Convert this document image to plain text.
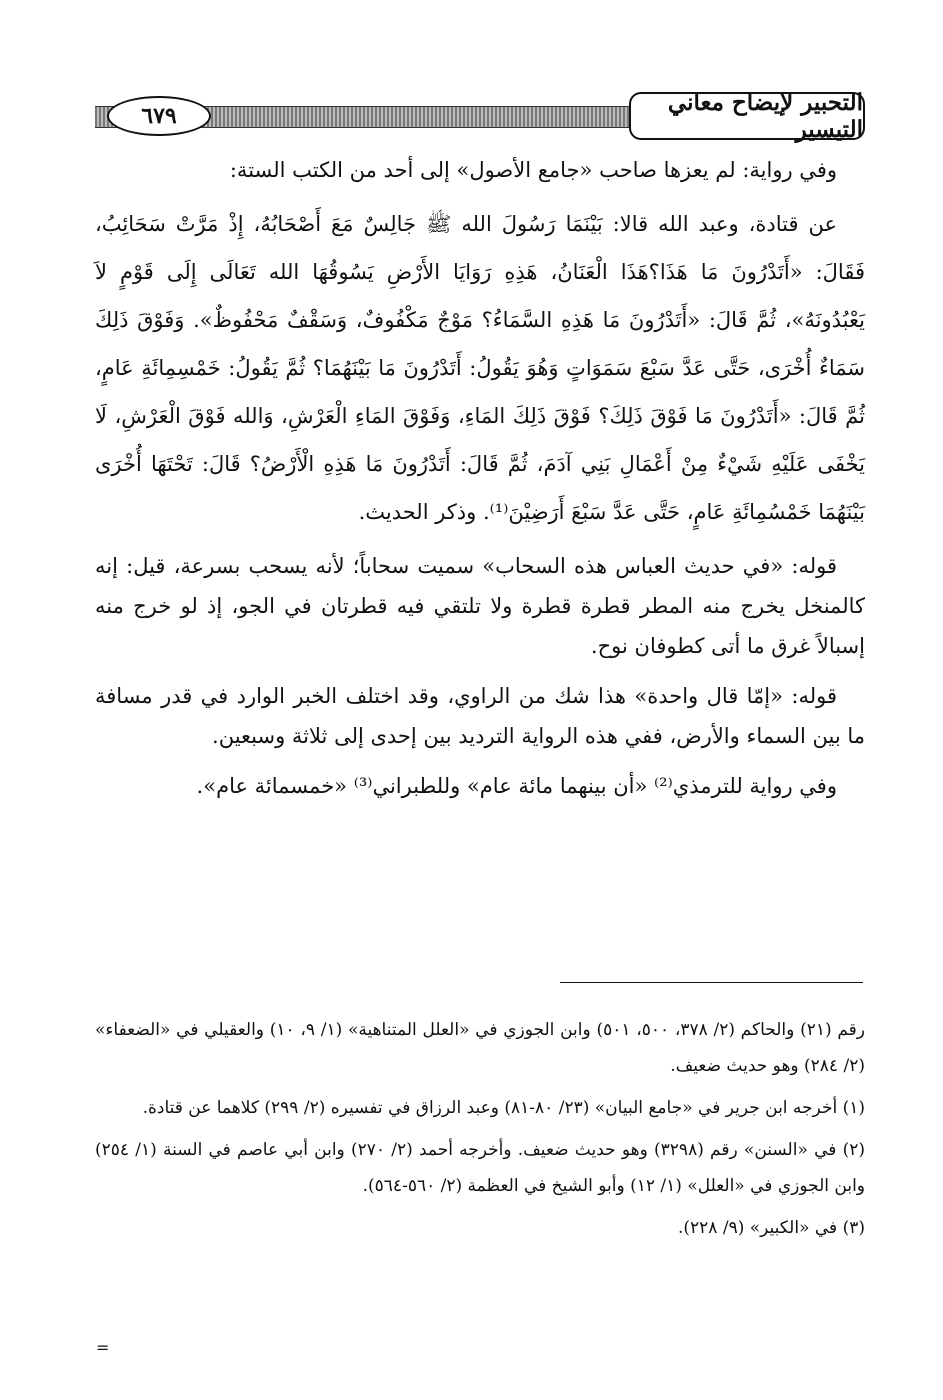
التحبير لإيضاح معاني التيسير
٦٧٩

وفي رواية: لم يعزها صاحب «جامع الأصول» إلى أحد من الكتب الستة:

عن قتادة، وعبد الله قالا: بَيْنَمَا رَسُولَ الله ﷺ جَالِسٌ مَعَ أَصْحَابُهُ، إِذْ مَرَّتْ سَحَائِبُ، فَقَالَ: «أَتَدْرُونَ مَا هَذَا؟هَذَا الْعَنَانُ، هَذِهِ رَوَايَا الأَرْضِ يَسُوقُهَا الله تَعَالَى إِلَى قَوْمٍ لاَ يَعْبُدُونَهُ»، ثُمَّ قَالَ: «أَتَدْرُونَ مَا هَذِهِ السَّمَاءُ؟ مَوْجٌ مَكْفُوفٌ، وَسَقْفٌ مَحْفُوظٌ». وَفَوْقَ ذَلِكَ سَمَاءٌ أُخْرَى، حَتَّى عَدَّ سَبْعَ سَمَوَاتٍ وَهُوَ يَقُولُ: أَتَدْرُونَ مَا بَيْنَهُمَا؟ ثُمَّ يَقُولُ: خَمْسِمِائَةِ عَامٍ، ثُمَّ قَالَ: «أَتَدْرُونَ مَا فَوْقَ ذَلِكَ؟ فَوْقَ ذَلِكَ المَاءِ، وَفَوْقَ المَاءِ الْعَرْشِ، وَالله فَوْقَ الْعَرْشِ، لَا يَخْفَى عَلَيْهِ شَيْءٌ مِنْ أَعْمَالِ بَنِي آدَمَ، ثُمَّ قَالَ: أَتَدْرُونَ مَا هَذِهِ الْأَرْضُ؟ قَالَ: تَحْتَهَا أُخْرَى بَيْنَهُمَا خَمْسُمِائَةِ عَامٍ، حَتَّى عَدَّ سَبْعَ أَرَضِيْنَ⁽¹⁾. وذكر الحديث.

قوله: «في حديث العباس هذه السحاب» سميت سحاباً؛ لأنه يسحب بسرعة، قيل: إنه كالمنخل يخرج منه المطر قطرة قطرة ولا تلتقي فيه قطرتان في الجو، إذ لو خرج منه إسبالاً غرق ما أتى كطوفان نوح.

قوله: «إمّا قال واحدة» هذا شك من الراوي، وقد اختلف الخبر الوارد في قدر مسافة ما بين السماء والأرض، ففي هذه الرواية الترديد بين إحدى إلى ثلاثة وسبعين.

وفي رواية للترمذي⁽²⁾ «أن بينهما مائة عام» وللطبراني⁽³⁾ «خمسمائة عام».

رقم (٢١) والحاكم (٢/ ٣٧٨، ٥٠٠، ٥٠١) وابن الجوزي في «العلل المتناهية» (١/ ٩، ١٠) والعقيلي في «الضعفاء» (٢/ ٢٨٤) وهو حديث ضعيف.

(١) أخرجه ابن جرير في «جامع البيان» (٢٣/ ٨٠-٨١) وعبد الرزاق في تفسيره (٢/ ٢٩٩) كلاهما عن قتادة.

(٢) في «السنن» رقم (٣٢٩٨) وهو حديث ضعيف. وأخرجه أحمد (٢/ ٢٧٠) وابن أبي عاصم في السنة (١/ ٢٥٤) وابن الجوزي في «العلل» (١/ ١٢) وأبو الشيخ في العظمة (٢/ ٥٦٠-٥٦٤).

(٣) في «الكبير» (٩/ ٢٢٨).

=
